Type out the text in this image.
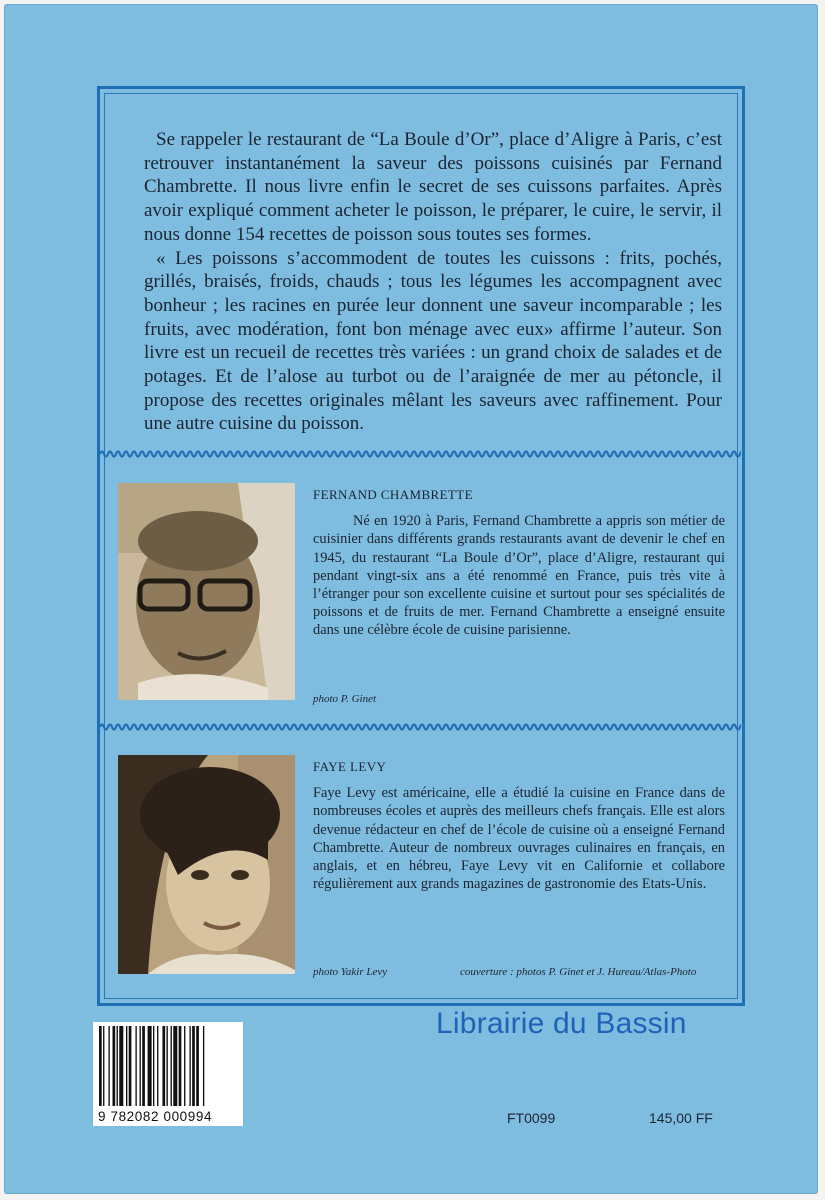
Se rappeler le restaurant de “La Boule d’Or”, place d’Aligre à Paris, c’est retrouver instantanément la saveur des poissons cuisinés par Fernand Chambrette. Il nous livre enfin le secret de ses cuissons parfaites. Après avoir expliqué comment acheter le poisson, le préparer, le cuire, le servir, il nous donne 154 recettes de poisson sous toutes ses formes.

« Les poissons s’accommodent de toutes les cuissons : frits, pochés, grillés, braisés, froids, chauds ; tous les légumes les accompagnent avec bonheur ; les racines en purée leur donnent une saveur incomparable ; les fruits, avec modération, font bon ménage avec eux» affirme l’auteur. Son livre est un recueil de recettes très variées : un grand choix de salades et de potages. Et de l’alose au turbot ou de l’araignée de mer au pétoncle, il propose des recettes originales mêlant les saveurs avec raffinement. Pour une autre cuisine du poisson.

photo P. Ginet
FERNAND CHAMBRETTE
Né en 1920 à Paris, Fernand Chambrette a appris son métier de cuisinier dans différents grands restaurants avant de devenir le chef en 1945, du restaurant “La Boule d’Or”, place d’Aligre, restaurant qui pendant vingt-six ans a été renommé en France, puis très vite à l’étranger pour son excellente cuisine et surtout pour ses spécialités de poissons et de fruits de mer. Fernand Chambrette a enseigné ensuite dans une célèbre école de cuisine parisienne.
photo Yakir Levy	couverture : photos P. Ginet et J. Hureau/Atlas-Photo
FAYE LEVY
Faye Levy est américaine, elle a étudié la cuisine en France dans de nombreuses écoles et auprès des meilleurs chefs français. Elle est alors devenue rédacteur en chef de l’école de cuisine où a enseigné Fernand Chambrette. Auteur de nombreux ouvrages culinaires en français, en anglais, et en hébreu, Faye Levy vit en Californie et collabore régulièrement aux grands magazines de gastronomie des Etats-Unis.
Librairie du Bassin
9 782082 000994	FT0099	145,00 FF
